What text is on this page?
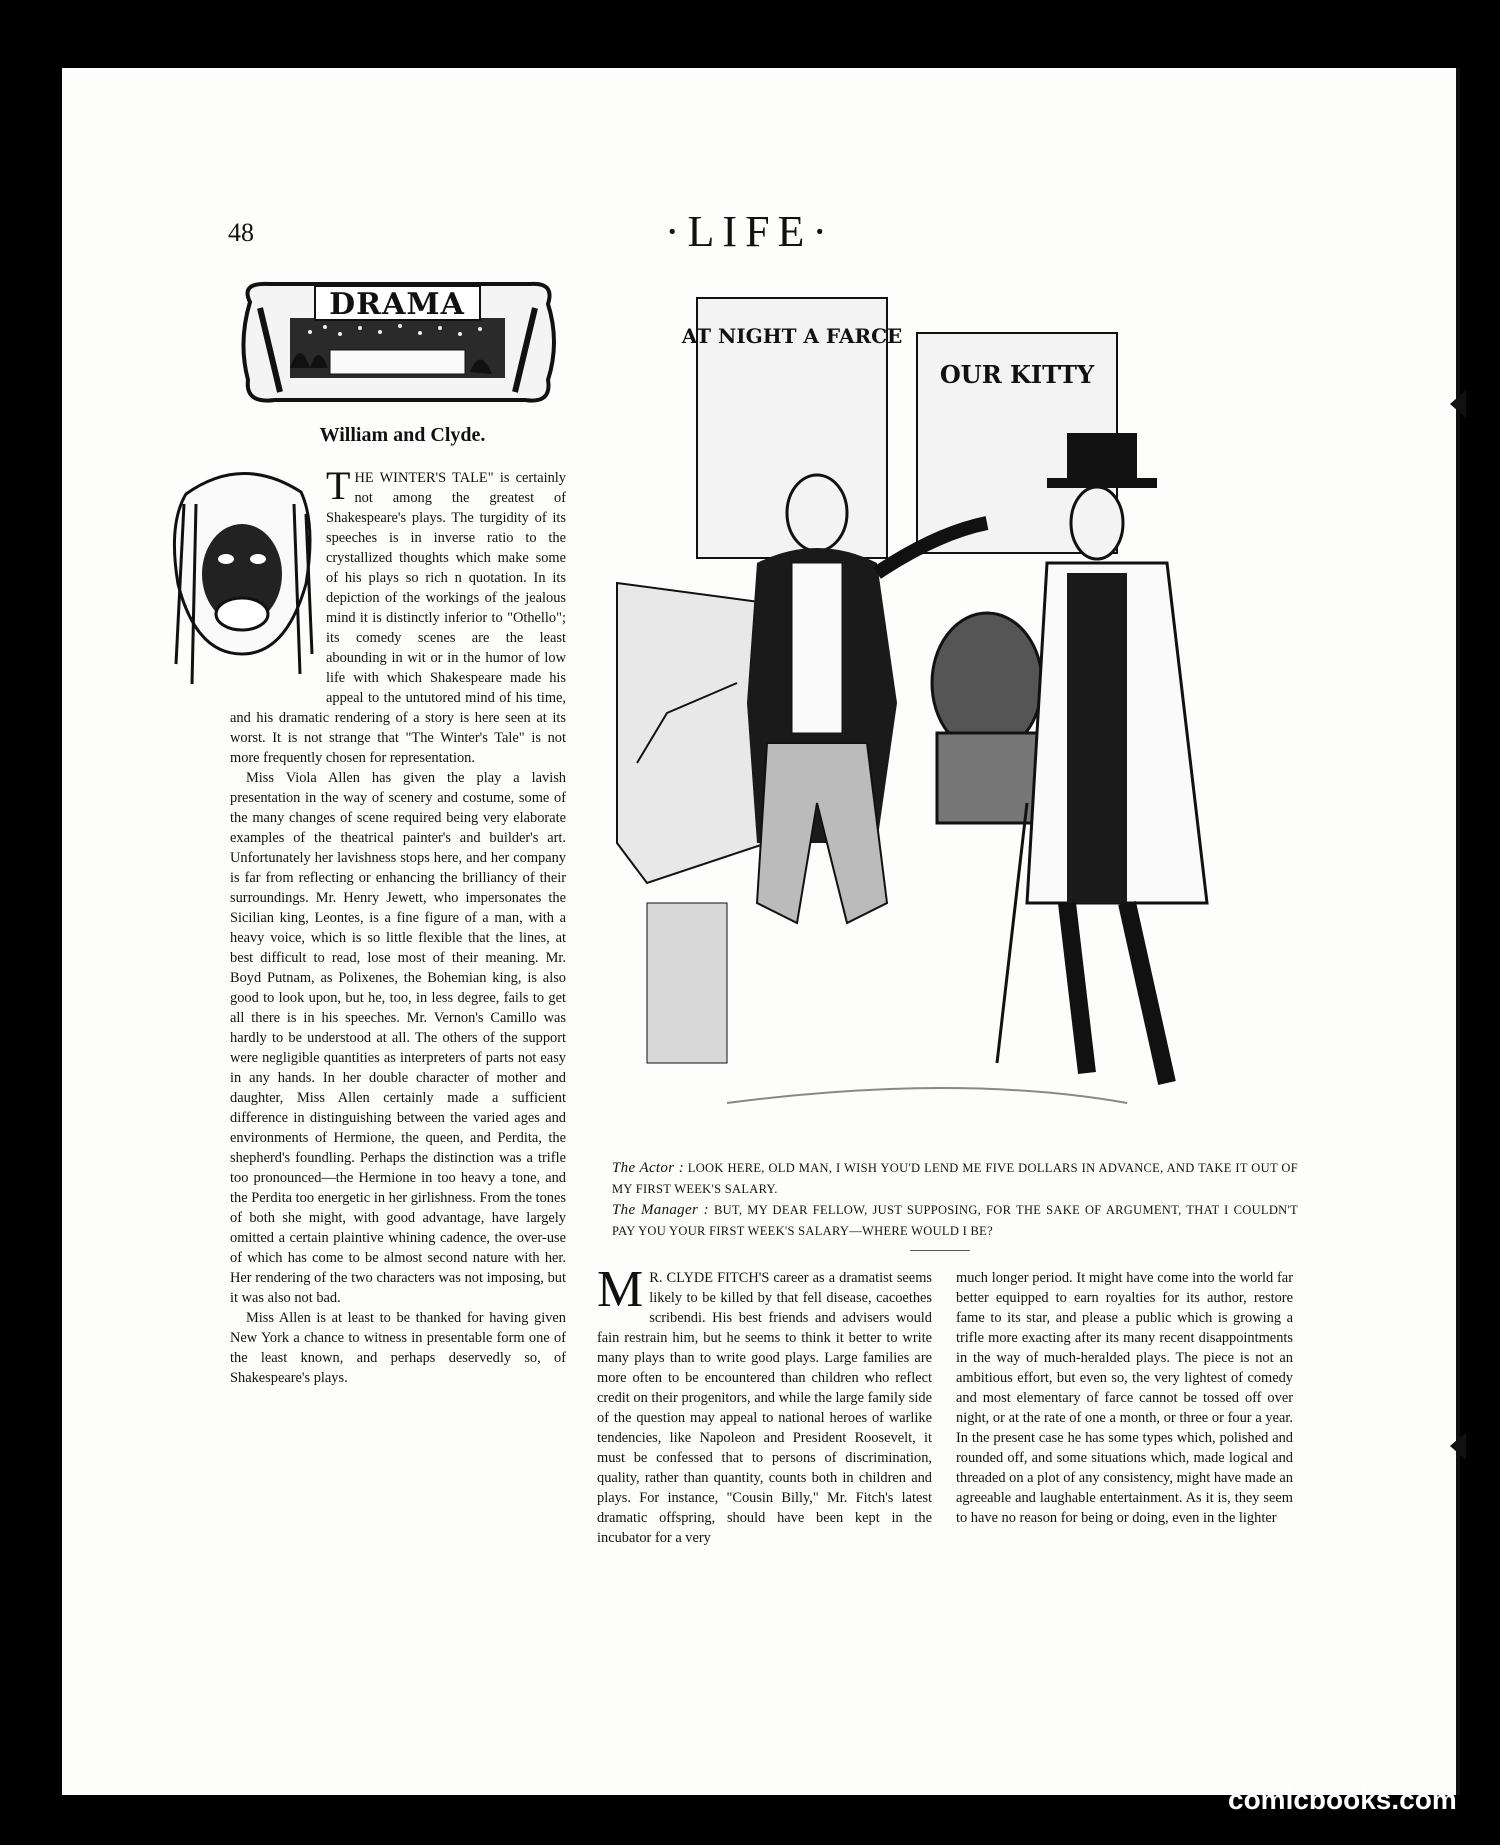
48	·LIFE·
DRAMA
William and Clyde.

THE WINTER'S TALE" is certainly not among the greatest of Shakespeare's plays. The turgidity of its speeches is in inverse ratio to the crystallized thoughts which make some of his plays so rich n quotation. In its depiction of the workings of the jealous mind it is distinctly inferior to "Othello"; its comedy scenes are the least abounding in wit or in the humor of low life with which Shakespeare made his appeal to the untutored mind of his time, and his dramatic rendering of a story is here seen at its worst. It is not strange that "The Winter's Tale" is not more frequently chosen for representation.

Miss Viola Allen has given the play a lavish presentation in the way of scenery and costume, some of the many changes of scene required being very elaborate examples of the theatrical painter's and builder's art. Unfortunately her lavishness stops here, and her company is far from reflecting or enhancing the brilliancy of their surroundings. Mr. Henry Jewett, who impersonates the Sicilian king, Leontes, is a fine figure of a man, with a heavy voice, which is so little flexible that the lines, at best difficult to read, lose most of their meaning. Mr. Boyd Putnam, as Polixenes, the Bohemian king, is also good to look upon, but he, too, in less degree, fails to get all there is in his speeches. Mr. Vernon's Camillo was hardly to be understood at all. The others of the support were negligible quantities as interpreters of parts not easy in any hands. In her double character of mother and daughter, Miss Allen certainly made a sufficient difference in distinguishing between the varied ages and environments of Hermione, the queen, and Perdita, the shepherd's foundling. Perhaps the distinction was a trifle too pronounced—the Hermione in too heavy a tone, and the Perdita too energetic in her girlishness. From the tones of both she might, with good advantage, have largely omitted a certain plaintive whining cadence, the over-use of which has come to be almost second nature with her. Her rendering of the two characters was not imposing, but it was also not bad.

Miss Allen is at least to be thanked for having given New York a chance to witness in presentable form one of the least known, and perhaps deservedly so, of Shakespeare's plays.

AT NIGHT A FARCE
OUR KITTY

The Actor : LOOK HERE, OLD MAN, I WISH YOU'D LEND ME FIVE DOLLARS IN ADVANCE, AND TAKE IT OUT OF MY FIRST WEEK'S SALARY.

The Manager : BUT, MY DEAR FELLOW, JUST SUPPOSING, FOR THE SAKE OF ARGUMENT, THAT I COULDN'T PAY YOU YOUR FIRST WEEK'S SALARY—WHERE WOULD I BE?

M R. CLYDE FITCH'S career as a dramatist seems likely to be killed by that fell disease, cacoethes scribendi. His best friends and advisers would fain restrain him, but he seems to think it better to write many plays than to write good plays. Large families are more often to be encountered than children who reflect credit on their progenitors, and while the large family side of the question may appeal to national heroes of warlike tendencies, like Napoleon and President Roosevelt, it must be confessed that to persons of discrimination, quality, rather than quantity, counts both in children and plays. For instance, "Cousin Billy," Mr. Fitch's latest dramatic offspring, should have been kept in the incubator for a very

much longer period. It might have come into the world far better equipped to earn royalties for its author, restore fame to its star, and please a public which is growing a trifle more exacting after its many recent disappointments in the way of much-heralded plays. The piece is not an ambitious effort, but even so, the very lightest of comedy and most elementary of farce cannot be tossed off over night, or at the rate of one a month, or three or four a year. In the present case he has some types which, polished and rounded off, and some situations which, made logical and threaded on a plot of any consistency, might have made an agreeable and laughable entertainment. As it is, they seem to have no reason for being or doing, even in the lighter

comicbooks.com
